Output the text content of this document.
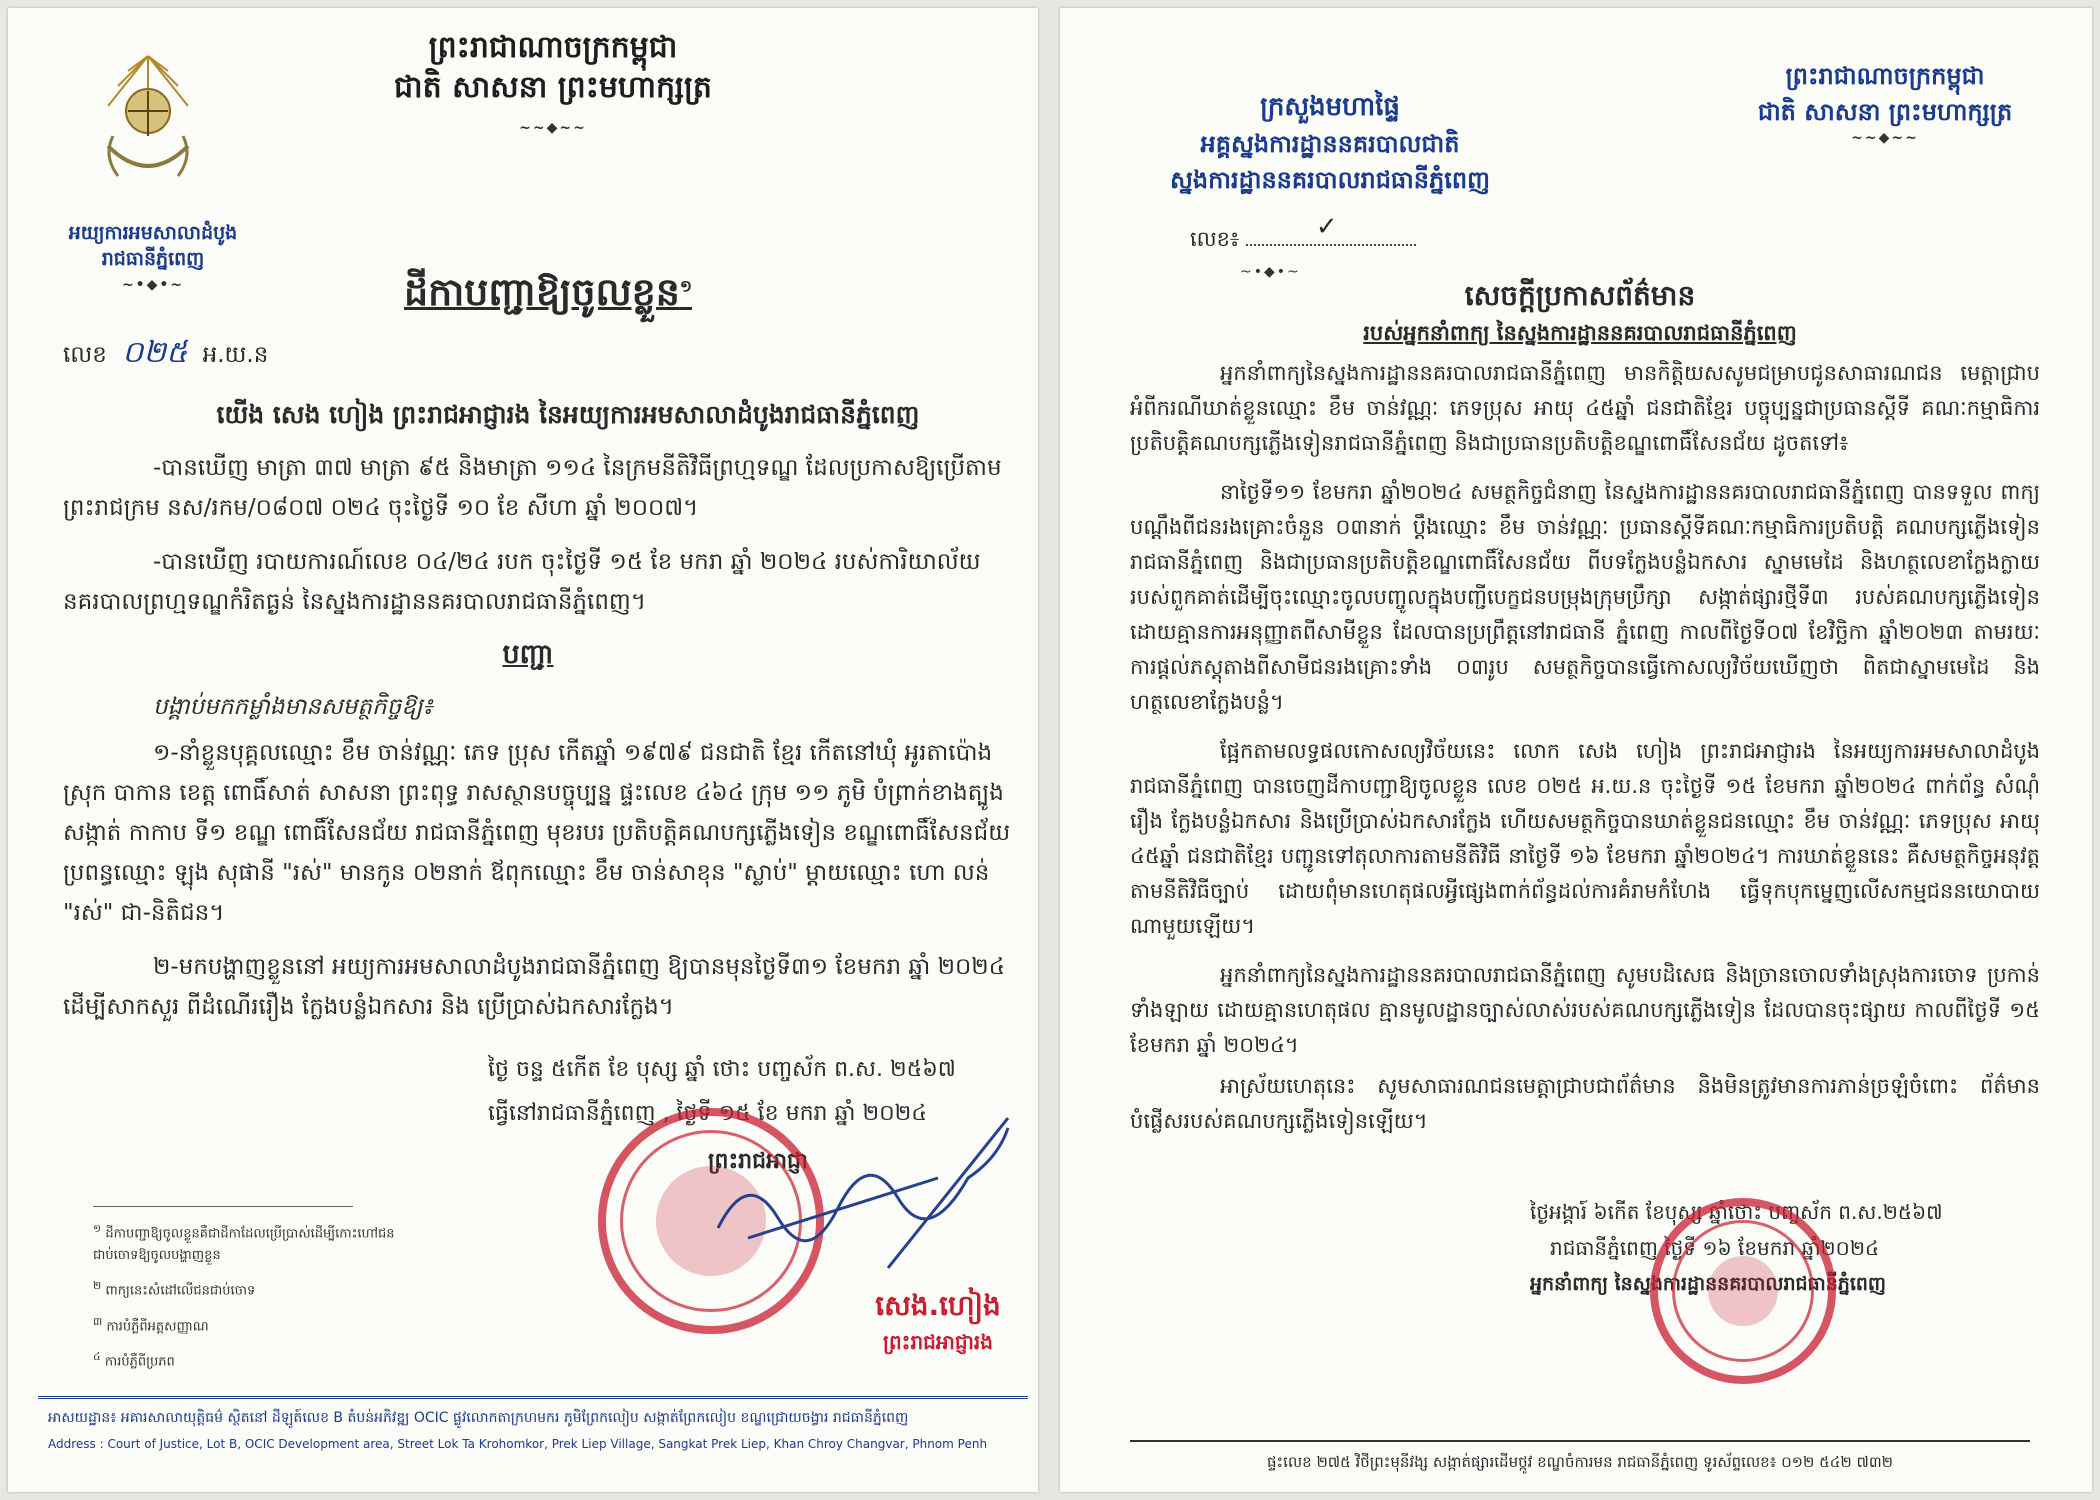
អយ្យការអមសាលាដំបូង
រាជធានីភ្នំពេញ
~•◆•~
ព្រះរាជាណាចក្រកម្ពុជា
ជាតិ សាសនា ព្រះមហាក្សត្រ
~~◆~~
ដីកាបញ្ជាឱ្យចូលខ្លួន$^១$
លេខ ០២៥ អ.យ.ន
យើង សេង ហៀង ព្រះរាជអាជ្ញារង នៃអយ្យការអមសាលាដំបូងរាជធានីភ្នំពេញ
-បានឃើញ មាត្រា ៣៧ មាត្រា ៩៥ និងមាត្រា ១១៤ នៃក្រមនីតិវិធីព្រហ្មទណ្ឌ ដែលប្រកាសឱ្យប្រើតាម ព្រះរាជក្រម នស/រកម/០៨០៧ ០២៤ ចុះថ្ងៃទី ១០ ខែ សីហា ឆ្នាំ ២០០៧។
-បានឃើញ របាយការណ៍លេខ ០៤/២៤ របក ចុះថ្ងៃទី ១៥ ខែ មករា ឆ្នាំ ២០២៤ របស់ការិយាល័យ នគរបាលព្រហ្មទណ្ឌកំរិតធ្ងន់ នៃស្នងការដ្ឋាននគរបាលរាជធានីភ្នំពេញ។
បញ្ជា
បង្គាប់មកកម្លាំងមានសមត្ថកិច្ចឱ្យ៖
១-នាំខ្លួនបុគ្គលឈ្មោះ ខឹម ចាន់វណ្ណៈ ភេទ ប្រុស កើតឆ្នាំ ១៩៧៩ ជនជាតិ ខ្មែរ កើតនៅឃុំ អូរតាប៉ោង ស្រុក បាកាន ខេត្ត ពោធិ៍សាត់ សាសនា ព្រះពុទ្ធ រាសស្ថានបច្ចុប្បន្ន ផ្ទះលេខ ៤៦៤ ក្រុម ១១ ភូមិ បំព្រាក់ខាងត្បូង សង្កាត់ កាកាប ទី១ ខណ្ឌ ពោធិ៍សែនជ័យ រាជធានីភ្នំពេញ មុខរបរ ប្រតិបត្តិគណបក្សភ្លើងទៀន ខណ្ឌពោធិ៍សែនជ័យ ប្រពន្ធឈ្មោះ ឡុង សុផានី "រស់" មានកូន ០២នាក់ ឪពុកឈ្មោះ ខឹម ចាន់សាខុន "ស្លាប់" ម្តាយឈ្មោះ ហោ លន់ "រស់" ជា-និតិជន។
២-មកបង្ហាញខ្លួននៅ អយ្យការអមសាលាដំបូងរាជធានីភ្នំពេញ ឱ្យបានមុនថ្ងៃទី៣១ ខែមករា ឆ្នាំ ២០២៤ ដើម្បីសាកសួរ ពីដំណើររឿង ក្លែងបន្លំឯកសារ និង ប្រើប្រាស់ឯកសារក្លែង។
ថ្ងៃ ចន្ទ ៥កើត ខែ បុស្ស ឆ្នាំ ថោះ បញ្ចស័ក ព.ស. ២៥៦៧
ធ្វើនៅរាជធានីភ្នំពេញ , ថ្ងៃទី ១៥ ខែ មករា ឆ្នាំ ២០២៤
ព្រះរាជអាជ្ញា
សេង.ហៀង
ព្រះរាជអាជ្ញារង
$^១$ ដីកាបញ្ជាឱ្យចូលខ្លួនគឺជាដីកាដែលប្រើប្រាស់ដើម្បីកោះហៅជនជាប់ចោទឱ្យចូលបង្ហាញខ្លួន
$^២$ ពាក្យនេះសំដៅលើជនជាប់ចោទ
$^៣$ ការបំភ្លឺពីអត្តសញ្ញាណ
$^៤$ ការបំភ្លឺពីប្រភព
អាសយដ្ឋាន៖ អគារសាលាយុត្តិធម៌ ស្ថិតនៅ ដីឡូត៍លេខ B តំបន់អភិវឌ្ឍ OCIC ផ្លូវលោកតាក្រហមករ ភូមិព្រែកលៀប សង្កាត់ព្រែកលៀប ខណ្ឌជ្រោយចង្វារ រាជធានីភ្នំពេញ
Address : Court of Justice, Lot B, OCIC Development area, Street Lok Ta Krohomkor, Prek Liep Village, Sangkat Prek Liep, Khan Chroy Changvar, Phnom Penh
ក្រសួងមហាផ្ទៃ
អគ្គស្នងការដ្ឋាននគរបាលជាតិ
ស្នងការដ្ឋាននគរបាលរាជធានីភ្នំពេញ
ព្រះរាជាណាចក្រកម្ពុជា
ជាតិ សាសនា ព្រះមហាក្សត្រ
~~◆~~
លេខ៖	✓
~•◆•~
សេចក្តីប្រកាសព័ត៌មាន
របស់អ្នកនាំពាក្យ នៃស្នងការដ្ឋាននគរបាលរាជធានីភ្នំពេញ
អ្នកនាំពាក្យនៃស្នងការដ្ឋាននគរបាលរាជធានីភ្នំពេញ មានកិត្តិយសសូមជម្រាបជូនសាធារណជន មេត្តាជ្រាប អំពីករណីឃាត់ខ្លួនឈ្មោះ ខឹម ចាន់វណ្ណៈ ភេទប្រុស អាយុ ៤៥ឆ្នាំ ជនជាតិខ្មែរ បច្ចុប្បន្នជាប្រធានស្តីទី គណៈកម្មាធិការប្រតិបត្តិគណបក្សភ្លើងទៀនរាជធានីភ្នំពេញ និងជាប្រធានប្រតិបត្តិខណ្ឌពោធិ៍សែនជ័យ ដូចតទៅ៖
នាថ្ងៃទី១១ ខែមករា ឆ្នាំ២០២៤ សមត្ថកិច្ចជំនាញ នៃស្នងការដ្ឋាននគរបាលរាជធានីភ្នំពេញ បានទទួល ពាក្យបណ្តឹងពីជនរងគ្រោះចំនួន ០៣នាក់ ប្តឹងឈ្មោះ ខឹម ចាន់វណ្ណៈ ប្រធានស្តីទីគណៈកម្មាធិការប្រតិបត្តិ គណបក្សភ្លើងទៀនរាជធានីភ្នំពេញ និងជាប្រធានប្រតិបត្តិខណ្ឌពោធិ៍សែនជ័យ ពីបទក្លែងបន្លំឯកសារ ស្នាមមេដៃ និងហត្ថលេខាក្លែងក្លាយ របស់ពួកគាត់ដើម្បីចុះឈ្មោះចូលបញ្ចូលក្នុងបញ្ជីបេក្ខជនបម្រុងក្រុមប្រឹក្សា សង្កាត់ផ្សារថ្មីទី៣ របស់គណបក្សភ្លើងទៀន ដោយគ្មានការអនុញ្ញាតពីសាមីខ្លួន ដែលបានប្រព្រឹត្តនៅរាជធានី ភ្នំពេញ កាលពីថ្ងៃទី០៧ ខែវិច្ឆិកា ឆ្នាំ២០២៣ តាមរយៈការផ្តល់ភស្តុតាងពីសាមីជនរងគ្រោះទាំង ០៣រូប សមត្ថកិច្ចបានធ្វើកោសល្យវិច័យឃើញថា ពិតជាស្នាមមេដៃ និងហត្ថលេខាក្លែងបន្លំ។
ផ្អែកតាមលទ្ធផលកោសល្យវិច័យនេះ លោក សេង ហៀង ព្រះរាជអាជ្ញារង នៃអយ្យការអមសាលាដំបូង រាជធានីភ្នំពេញ បានចេញដីកាបញ្ជាឱ្យចូលខ្លួន លេខ ០២៥ អ.យ.ន ចុះថ្ងៃទី ១៥ ខែមករា ឆ្នាំ២០២៤ ពាក់ព័ន្ធ សំណុំរឿង ក្លែងបន្លំឯកសារ និងប្រើប្រាស់ឯកសារក្លែង ហើយសមត្ថកិច្ចបានឃាត់ខ្លួនជនឈ្មោះ ខឹម ចាន់វណ្ណៈ ភេទប្រុស អាយុ ៤៥ឆ្នាំ ជនជាតិខ្មែរ បញ្ជូនទៅតុលាការតាមនីតិវិធី នាថ្ងៃទី ១៦ ខែមករា ឆ្នាំ២០២៤។ ការឃាត់ខ្លួននេះ គឺសមត្ថកិច្ចអនុវត្តតាមនីតិវិធីច្បាប់ ដោយពុំមានហេតុផលអ្វីផ្សេងពាក់ព័ន្ធដល់ការគំរាមកំហែង ធ្វើទុកបុកម្នេញលើសកម្មជននយោបាយណាមួយឡើយ។
អ្នកនាំពាក្យនៃស្នងការដ្ឋាននគរបាលរាជធានីភ្នំពេញ សូមបដិសេធ និងច្រានចោលទាំងស្រុងការចោទ ប្រកាន់ទាំងឡាយ ដោយគ្មានហេតុផល គ្មានមូលដ្ឋានច្បាស់លាស់របស់គណបក្សភ្លើងទៀន ដែលបានចុះផ្សាយ កាលពីថ្ងៃទី ១៥ ខែមករា ឆ្នាំ ២០២៤។
អាស្រ័យហេតុនេះ សូមសាធារណជនមេត្តាជ្រាបជាព័ត៌មាន និងមិនត្រូវមានការភាន់ច្រឡំចំពោះ ព័ត៌មានបំផ្លើសរបស់គណបក្សភ្លើងទៀនឡើយ។
ថ្ងៃអង្គារ៍ ៦កើត ខែបុស្ស ឆ្នាំថោះ បញ្ចស័ក ព.ស.២៥៦៧
រាជធានីភ្នំពេញ ថ្ងៃទី ១៦ ខែមករា ឆ្នាំ២០២៤
អ្នកនាំពាក្យ នៃស្នងការដ្ឋាននគរបាលរាជធានីភ្នំពេញ
ផ្ទះលេខ ២៧៥ វិថីព្រះមុនីវង្ស សង្កាត់ផ្សារដើមថ្កូវ ខណ្ឌចំការមន រាជធានីភ្នំពេញ ទូរស័ព្ទលេខ៖ ០១២ ៥៤២ ៧៣២
